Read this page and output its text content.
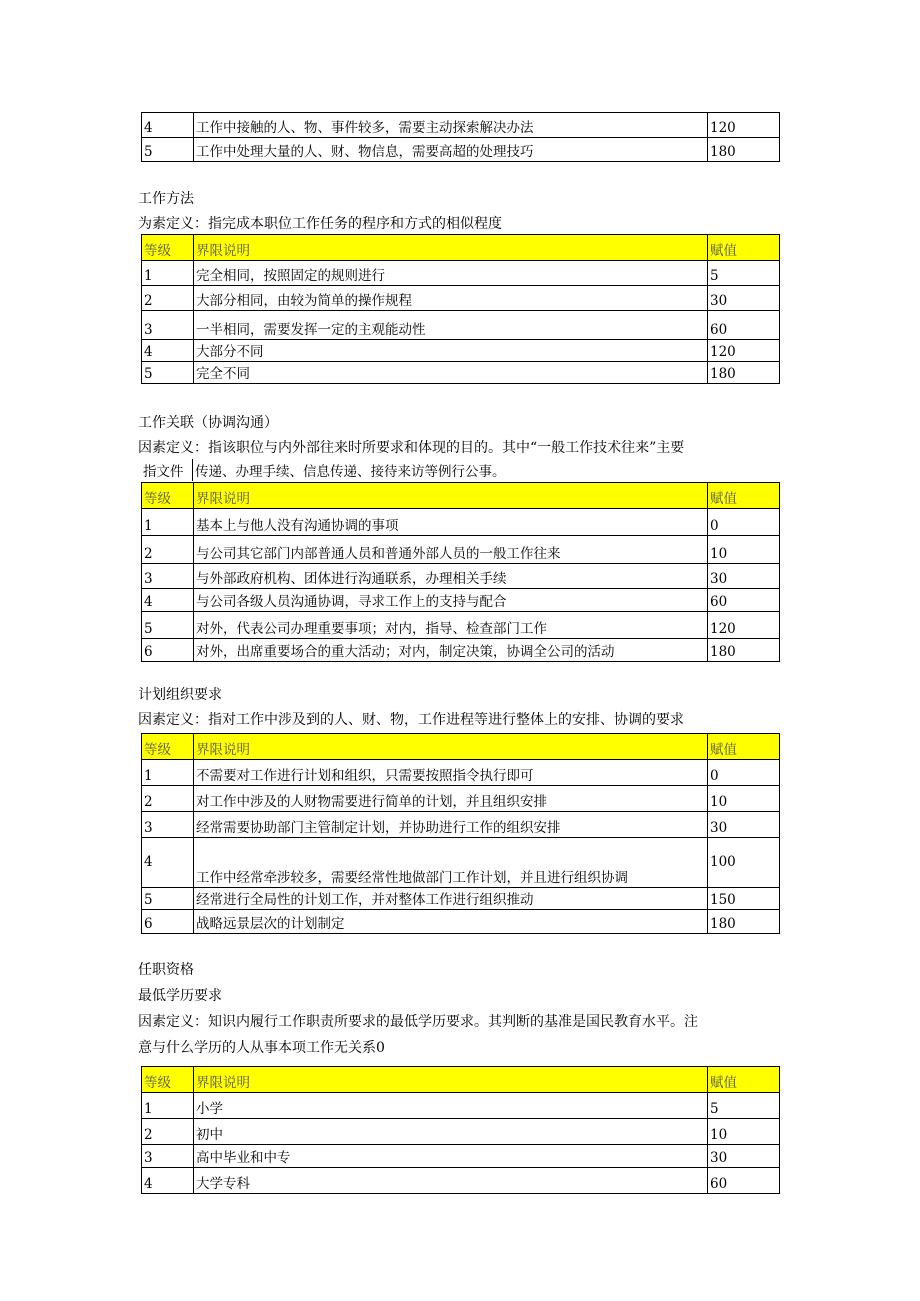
4	工作中接触的人、物、事件较多，需要主动探索解决办法	120
5	工作中处理大量的人、财、物信息，需要高超的处理技巧	180
工作方法
为素定义：指完成本职位工作任务的程序和方式的相似程度
等级	界限说明	赋值
1	完全相同，按照固定的规则进行	5
2	大部分相同，由较为简单的操作规程	30
3	一半相同，需要发挥一定的主观能动性	60
4	大部分不同	120
5	完全不同	180
工作关联（协调沟通）
因素定义：指该职位与内外部往来时所要求和体现的目的。其中“一般工作技术往来”主要
指文件	传递、办理手续、信息传递、接待来访等例行公事。	
等级	界限说明	赋值
1	基本上与他人没有沟通协调的事项	0
2	与公司其它部门内部普通人员和普通外部人员的一般工作往来	10
3	与外部政府机构、团体进行沟通联系，办理相关手续	30
4	与公司各级人员沟通协调，寻求工作上的支持与配合	60
5	对外，代表公司办理重要事项；对内，指导、检查部门工作	120
6	对外，出席重要场合的重大活动；对内，制定决策，协调全公司的活动	180
计划组织要求
因素定义：指对工作中涉及到的人、财、物，工作进程等进行整体上的安排、协调的要求
等级	界限说明	赋值
1	不需要对工作进行计划和组织，只需要按照指令执行即可	0
2	对工作中涉及的人财物需要进行简单的计划，并且组织安排	10
3	经常需要协助部门主管制定计划，并协助进行工作的组织安排	30
4	工作中经常牵涉较多，需要经常性地做部门工作计划，并且进行组织协调	100
5	经常进行全局性的计划工作，并对整体工作进行组织推动	150
6	战略远景层次的计划制定	180
任职资格
最低学历要求
因素定义：知识内履行工作职责所要求的最低学历要求。其判断的基准是国民教育水平。注
意与什么学历的人从事本项工作无关系0
等级	界限说明	赋值
1	小学	5
2	初中	10
3	高中毕业和中专	30
4	大学专科	60
